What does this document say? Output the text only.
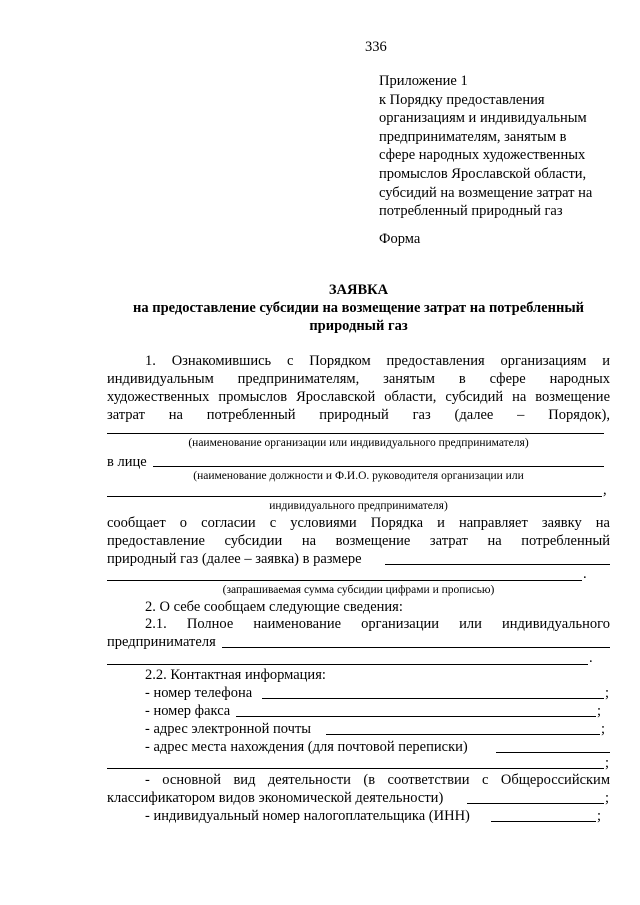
336
Приложение 1
к Порядку предоставления
организациям и индивидуальным
предпринимателям, занятым в
сфере народных художественных
промыслов Ярославской области,
субсидий на возмещение затрат на
потребленный природный газ
Форма
ЗАЯВКА
на предоставление субсидии на возмещение затрат на потребленный
природный газ
1. Ознакомившись с Порядком предоставления организациям и
индивидуальным предпринимателям, занятым в сфере народных
художественных промыслов Ярославской области, субсидий на возмещение
затрат на потребленный природный газ (далее – Порядок),
(наименование организации или индивидуального предпринимателя)
в лице
(наименование должности и Ф.И.О. руководителя организации или
,
индивидуального предпринимателя)
сообщает о согласии с условиями Порядка и направляет заявку на
предоставление субсидии на возмещение затрат на потребленный
природный газ (далее – заявка) в размере
.
(запрашиваемая сумма субсидии цифрами и прописью)
2. О себе сообщаем следующие сведения:
2.1. Полное наименование организации или индивидуального
предпринимателя
.
2.2. Контактная информация:
- номер телефона	;
- номер факса	;
- адрес электронной почты	;
- адрес места нахождения (для почтовой переписки)
;
- основной вид деятельности (в соответствии с Общероссийским
классификатором видов экономической деятельности)	;
- индивидуальный номер налогоплательщика (ИНН)	;
